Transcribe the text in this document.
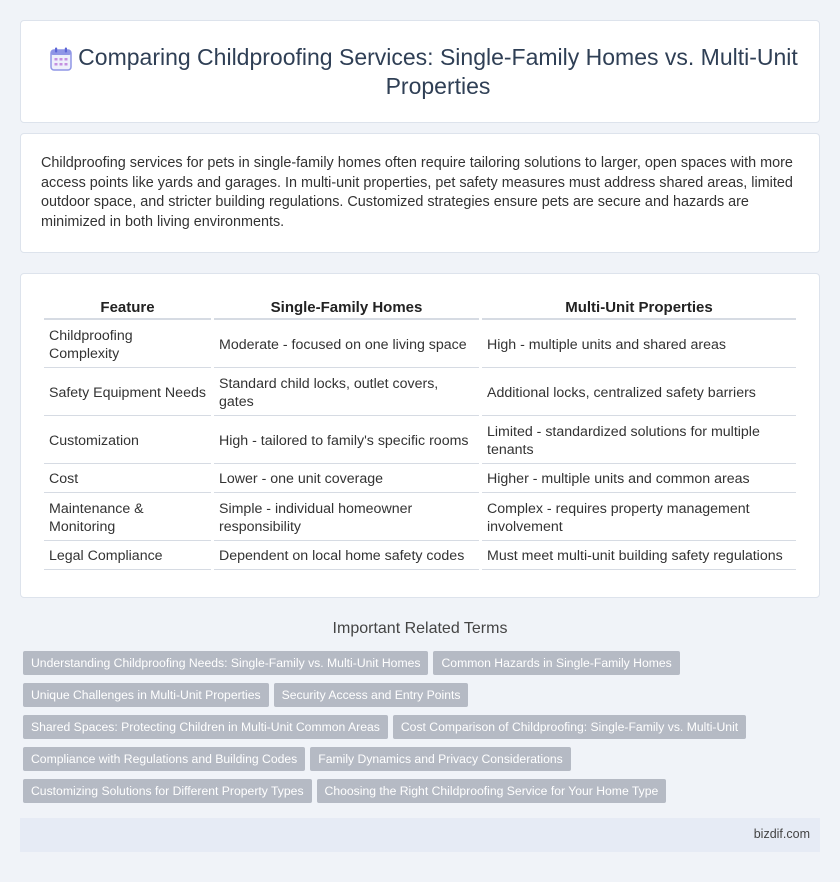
Comparing Childproofing Services: Single-Family Homes vs. Multi-Unit Properties

Childproofing services for pets in single-family homes often require tailoring solutions to larger, open spaces with more access points like yards and garages. In multi-unit properties, pet safety measures must address shared areas, limited outdoor space, and stricter building regulations. Customized strategies ensure pets are secure and hazards are minimized in both living environments.

Feature	Single-Family Homes	Multi-Unit Properties
Childproofing Complexity	Moderate - focused on one living space	High - multiple units and shared areas
Safety Equipment Needs	Standard child locks, outlet covers, gates	Additional locks, centralized safety barriers
Customization	High - tailored to family's specific rooms	Limited - standardized solutions for multiple tenants
Cost	Lower - one unit coverage	Higher - multiple units and common areas
Maintenance & Monitoring	Simple - individual homeowner responsibility	Complex - requires property management involvement
Legal Compliance	Dependent on local home safety codes	Must meet multi-unit building safety regulations
Important Related Terms
Understanding Childproofing Needs: Single-Family vs. Multi-Unit Homes Common Hazards in Single-Family Homes
Unique Challenges in Multi-Unit Properties Security Access and Entry Points
Shared Spaces: Protecting Children in Multi-Unit Common Areas Cost Comparison of Childproofing: Single-Family vs. Multi-Unit
Compliance with Regulations and Building Codes Family Dynamics and Privacy Considerations
Customizing Solutions for Different Property Types Choosing the Right Childproofing Service for Your Home Type
bizdif.com
